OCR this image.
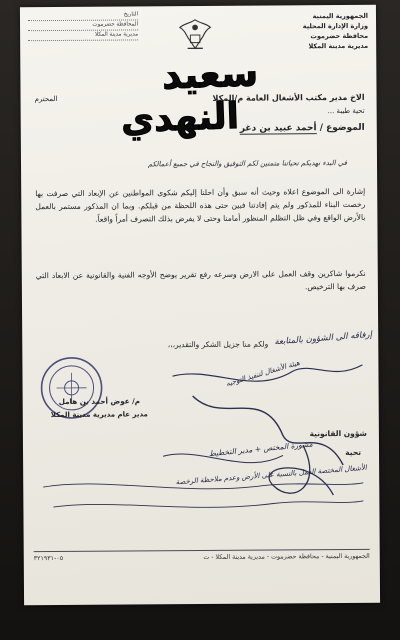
الجمهورية اليمنية
وزارة الإدارة المحلية
محافظة حضرموت
مديرية مدينة المكلا
التاريخ
المحافظة حضرموت
مديرية مدينة المكلا
الاخ مدير مكتب الأشغال العامة م/المكلا
المحترم
تحية طيبة ...
الموضوع / أحمد عبيد بن دغر
في البدء نهديكم تحياتنا متمنين لكم التوفيق والنجاح في جميع أعمالكم
إشارة الى الموضوع اعلاه وحيث أنه سبق وأن احلنا إليكم شكوى المواطنين عن الإبعاد التي صرفت بها رخصت البناء للمذكور ولم يتم إفادتنا فبين حتى هذه اللحظة من قبلكم. وبما ان المذكور مستمر بالعمل بالأرض الواقع وفي ظل التظلم المنظور أمامنا وحتى لا يفرض بذلك التصرف أمراً واقعاً.
نكرموا شاكرين وقف العمل على الارض وسرعه رفع تقرير يوضح الأوجه الفنية والقانونية عن الابعاد التي صرف بها الترخيص.
ولكم منا جزيل الشكر والتقدير،،، إرفاقه الى الشؤون بالمتابعة
هيئة الأشغال لتنفيذ التوجيه
مشورة المختص + مدير التخطيط
الأشغال المختصة العمل بالنسبة على الأرض وعدم ملاحظة الرخصة
م/ عوض أحمد بن هامل
مدير عام مديرية مدينة المكلا
شؤون القانونية
تحية
الجمهورية اليمنية - محافظة حضرموت - مديرية مدينة المكلا - ت
٠٥-٣٢١٩٣١
سعيد
النهدي
